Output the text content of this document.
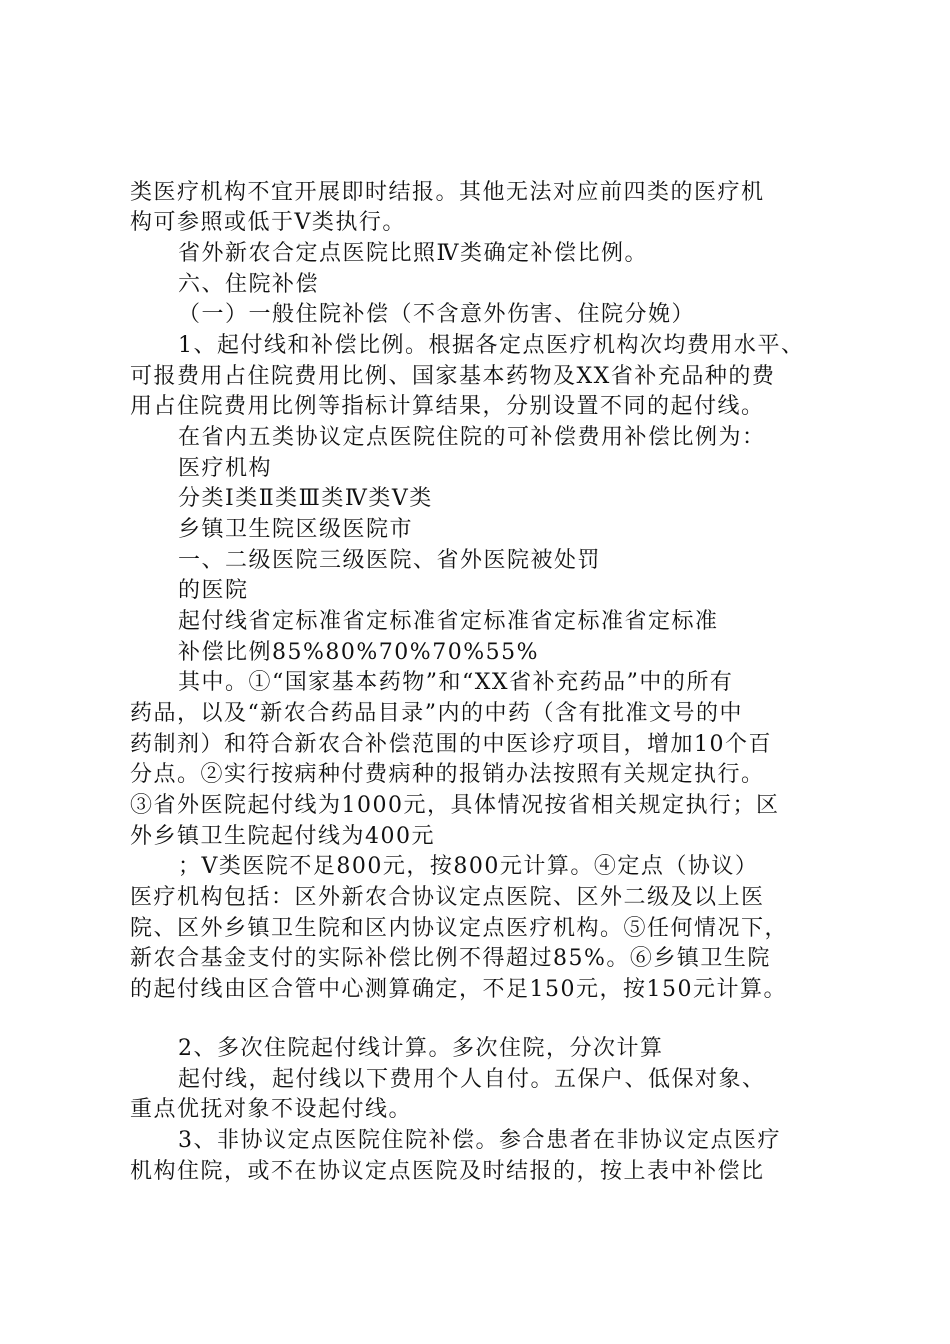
类医疗机构不宜开展即时结报。其他无法对应前四类的医疗机
构可参照或低于Ⅴ类执行。
省外新农合定点医院比照Ⅳ类确定补偿比例。
六、住院补偿
（一）一般住院补偿（不含意外伤害、住院分娩）
1、起付线和补偿比例。根据各定点医疗机构次均费用水平、
可报费用占住院费用比例、国家基本药物及XX省补充品种的费
用占住院费用比例等指标计算结果，分别设置不同的起付线。
在省内五类协议定点医院住院的可补偿费用补偿比例为：
医疗机构
分类Ⅰ类Ⅱ类Ⅲ类Ⅳ类Ⅴ类
乡镇卫生院区级医院市
一、二级医院三级医院、省外医院被处罚
的医院
起付线省定标准省定标准省定标准省定标准省定标准
补偿比例85%80%70%70%55%
其中。①“国家基本药物”和“XX省补充药品”中的所有
药品，以及“新农合药品目录”内的中药（含有批准文号的中
药制剂）和符合新农合补偿范围的中医诊疗项目，增加10个百
分点。②实行按病种付费病种的报销办法按照有关规定执行。
③省外医院起付线为1000元，具体情况按省相关规定执行；区
外乡镇卫生院起付线为400元
；Ⅴ类医院不足800元，按800元计算。④定点（协议）
医疗机构包括：区外新农合协议定点医院、区外二级及以上医
院、区外乡镇卫生院和区内协议定点医疗机构。⑤任何情况下，
新农合基金支付的实际补偿比例不得超过85%。⑥乡镇卫生院
的起付线由区合管中心测算确定，不足150元，按150元计算。
2、多次住院起付线计算。多次住院，分次计算
起付线，起付线以下费用个人自付。五保户、低保对象、
重点优抚对象不设起付线。
3、非协议定点医院住院补偿。参合患者在非协议定点医疗
机构住院，或不在协议定点医院及时结报的，按上表中补偿比
